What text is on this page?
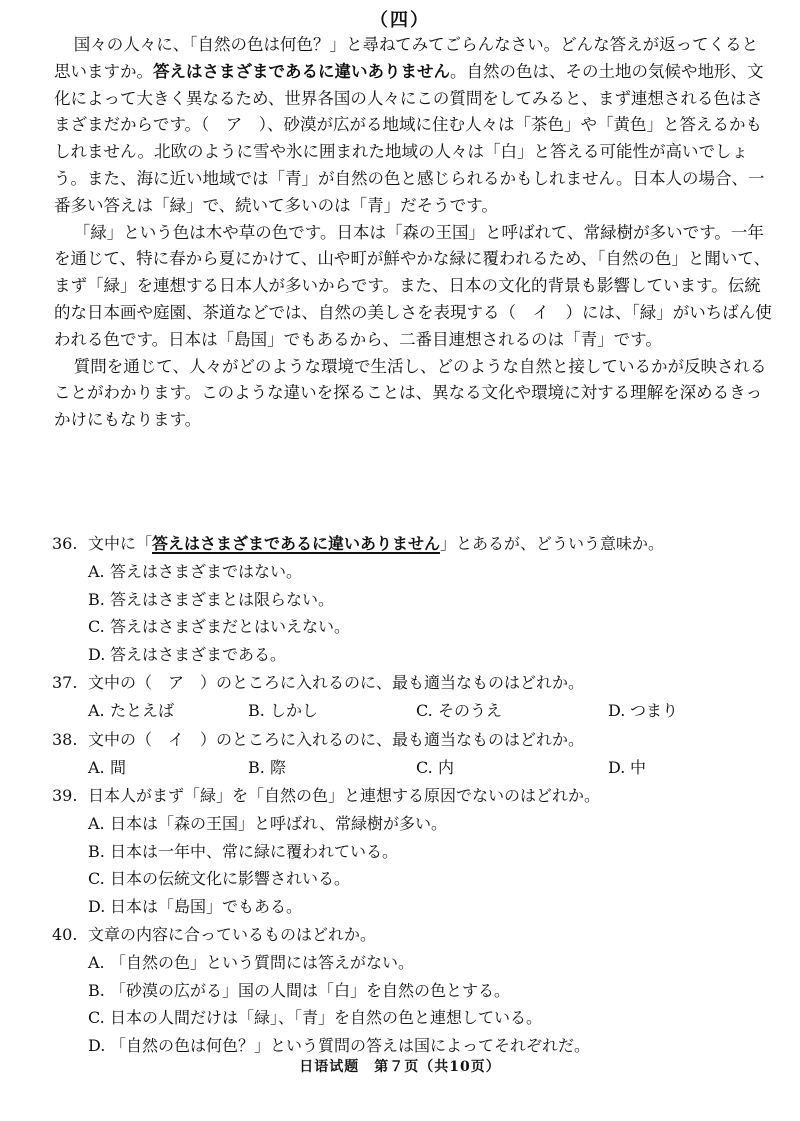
（四）

国々の人々に、「自然の色は何色？」と尋ねてみてごらんなさい。どんな答えが返ってくると思いますか。答えはさまざまであるに違いありません。自然の色は、その土地の気候や地形、文化によって大きく異なるため、世界各国の人々にこの質問をしてみると、まず連想される色はさまざまだからです。（　ア　）、砂漠が広がる地域に住む人々は「茶色」や「黄色」と答えるかもしれません。北欧のように雪や氷に囲まれた地域の人々は「白」と答える可能性が高いでしょう。また、海に近い地域では「青」が自然の色と感じられるかもしれません。日本人の場合、一番多い答えは「緑」で、続いて多いのは「青」だそうです。

「緑」という色は木や草の色です。日本は「森の王国」と呼ばれて、常緑樹が多いです。一年を通じて、特に春から夏にかけて、山や町が鮮やかな緑に覆われるため、「自然の色」と聞いて、まず「緑」を連想する日本人が多いからです。また、日本の文化的背景も影響しています。伝統的な日本画や庭園、茶道などでは、自然の美しさを表現する（　イ　）には、「緑」がいちばん使われる色です。日本は「島国」でもあるから、二番目連想されるのは「青」です。

質問を通じて、人々がどのような環境で生活し、どのような自然と接しているかが反映されることがわかります。このような違いを探ることは、異なる文化や環境に対する理解を深めるきっかけにもなります。

36. 文中に「答えはさまざまであるに違いありません」とあるが、どういう意味か。
A. 答えはさまざまではない。
B. 答えはさまざまとは限らない。
C. 答えはさまざまだとはいえない。
D. 答えはさまざまである。
37. 文中の（　ア　）のところに入れるのに、最も適当なものはどれか。
A. たとえば	B. しかし	C. そのうえ	D. つまり
38. 文中の（　イ　）のところに入れるのに、最も適当なものはどれか。
A. 間	B. 際	C. 内	D. 中
39. 日本人がまず「緑」を「自然の色」と連想する原因でないのはどれか。
A. 日本は「森の王国」と呼ばれ、常緑樹が多い。
B. 日本は一年中、常に緑に覆われている。
C. 日本の伝統文化に影響されいる。
D. 日本は「島国」でもある。
40. 文章の内容に合っているものはどれか。
A. 「自然の色」という質問には答えがない。
B. 「砂漠の広がる」国の人間は「白」を自然の色とする。
C. 日本の人間だけは「緑」、「青」を自然の色と連想している。
D. 「自然の色は何色？」という質問の答えは国によってそれぞれだ。
日语试题　第７页（共10页）
